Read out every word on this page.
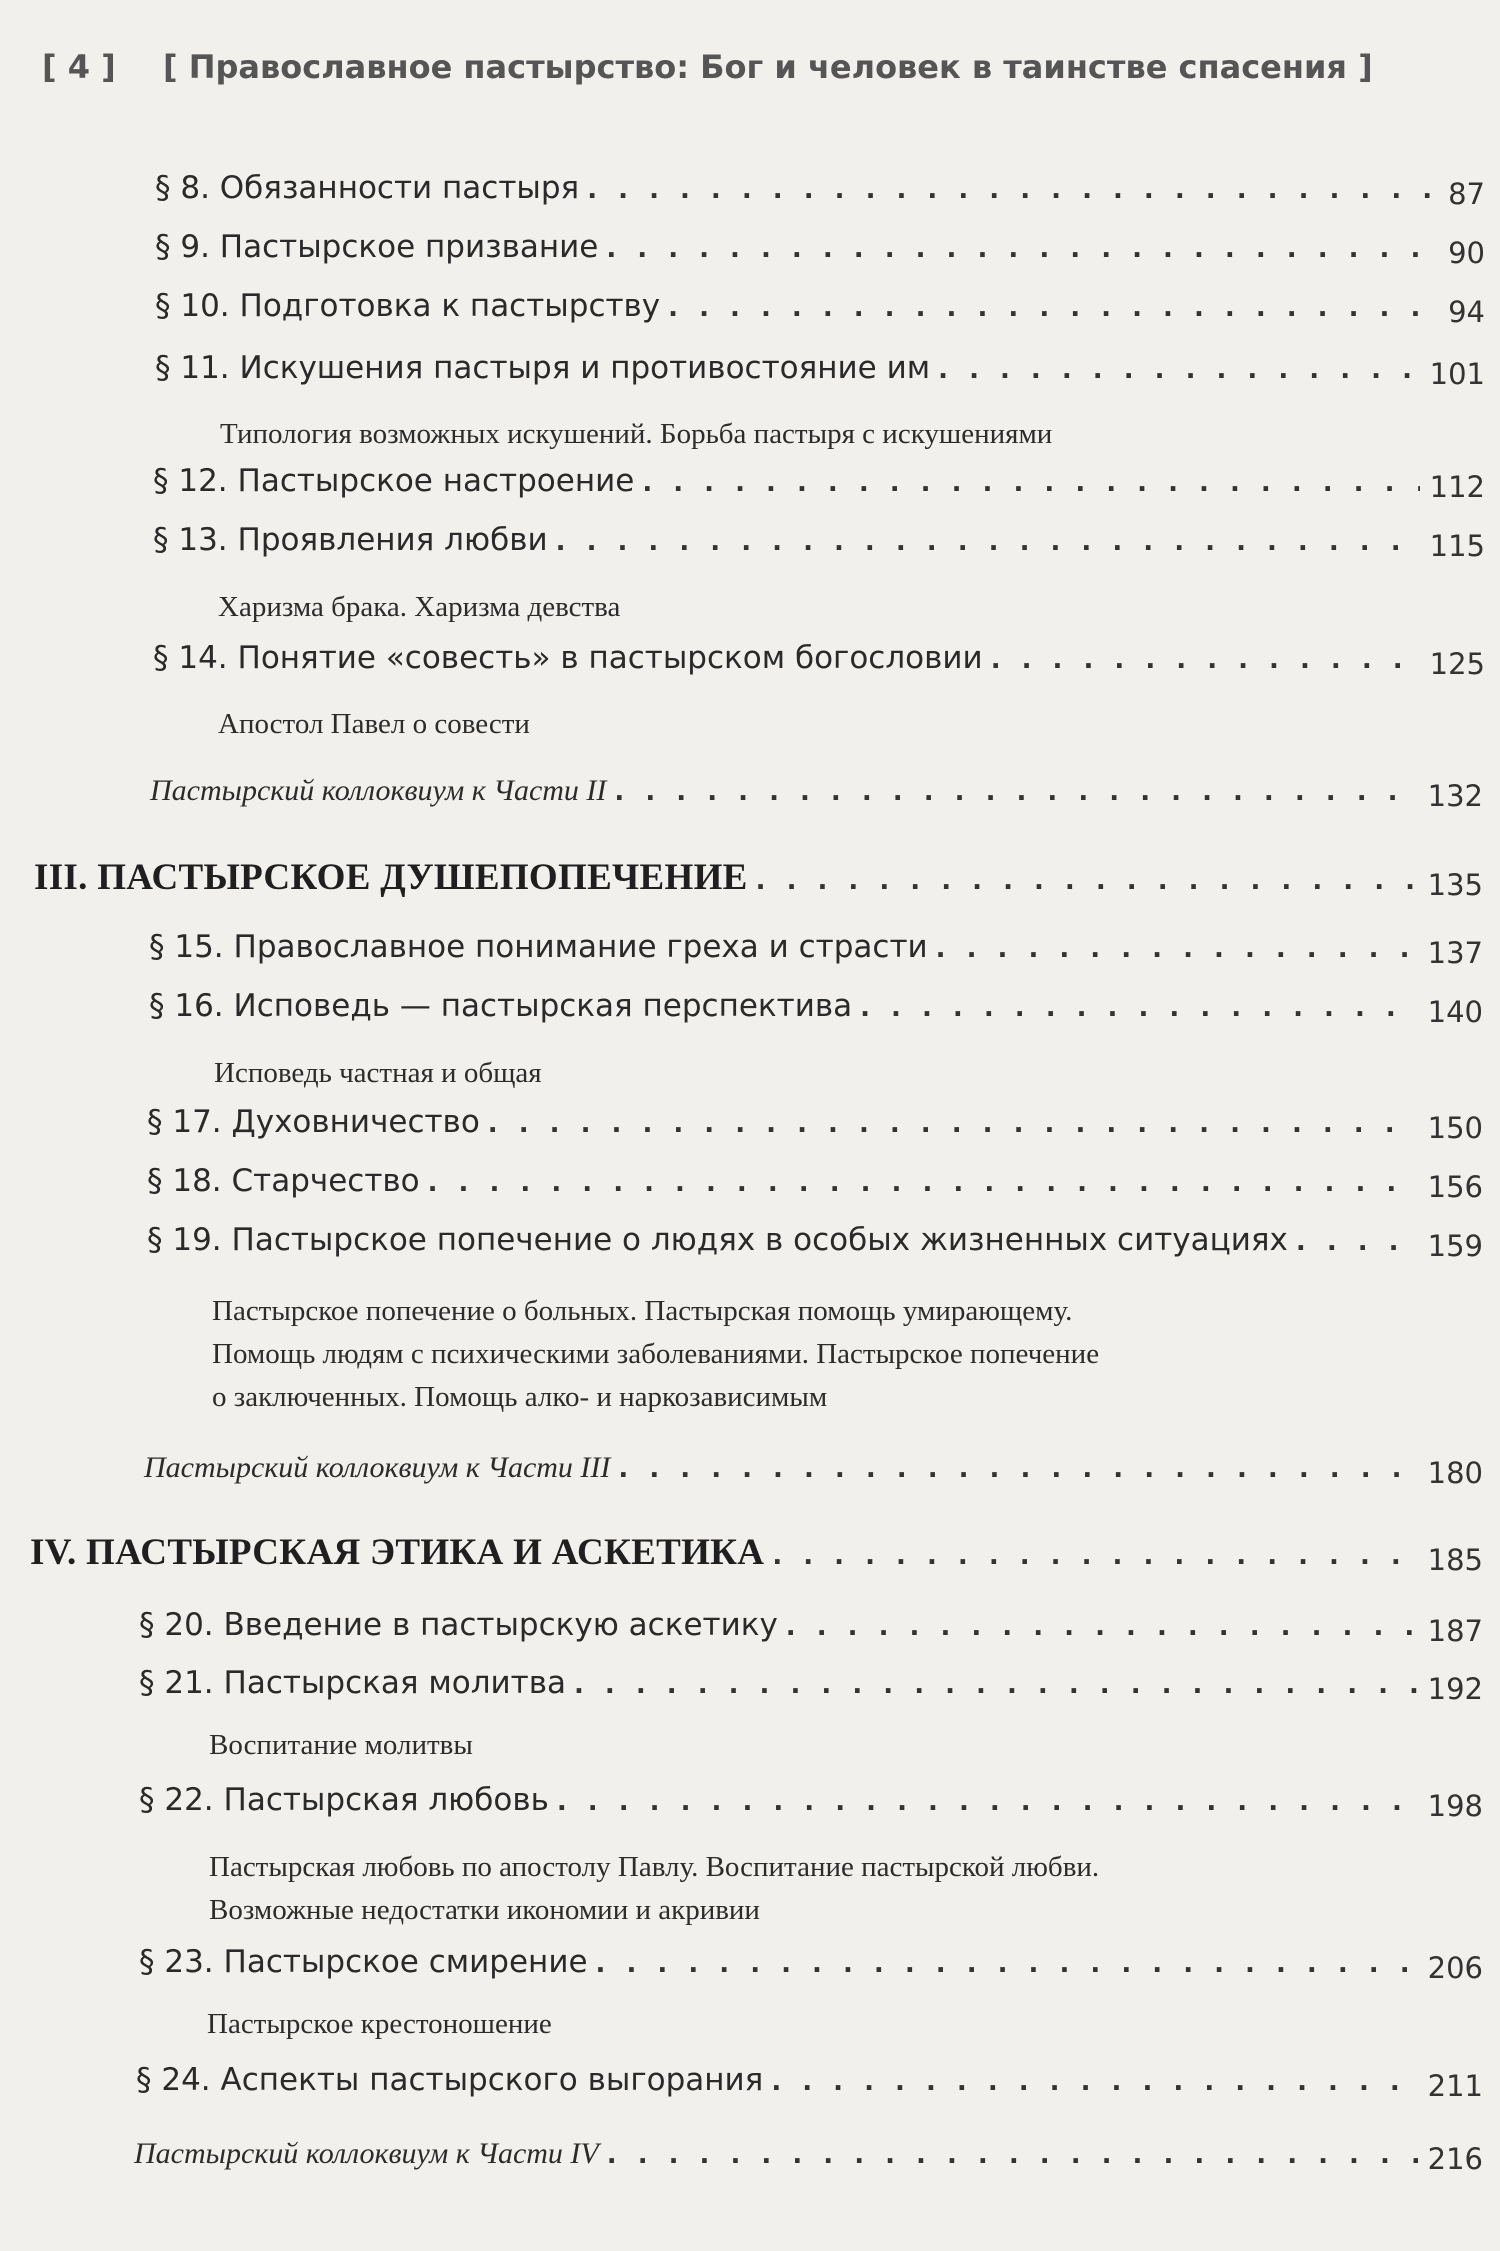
[ 4 ] [ Православное пастырство: Бог и человек в таинстве спасения ]
§ 8. Обязанности пастыря . . .	87
§ 9. Пастырское призвание . . .	90
§ 10. Подготовка к пастырству . . .	94
§ 11. Искушения пастыря и противостояние им . . .	101
Типология возможных искушений. Борьба пастыря с искушениями
§ 12. Пастырское настроение . . .	112
§ 13. Проявления любви . . .	115
Харизма брака. Харизма девства
§ 14. Понятие «совесть» в пастырском богословии . . .	125
Апостол Павел о совести
Пастырский коллоквиум к Части II . . .	132
III. ПАСТЫРСКОЕ ДУШЕПОПЕЧЕНИЕ . . .	135
§ 15. Православное понимание греха и страсти . . .	137
§ 16. Исповедь — пастырская перспектива . . .	140
Исповедь частная и общая
§ 17. Духовничество . . .	150
§ 18. Старчество . . .	156
§ 19. Пастырское попечение о людях в особых жизненных ситуациях . . .	159
Пастырское попечение о больных. Пастырская помощь умирающему.
Помощь людям с психическими заболеваниями. Пастырское попечение
о заключенных. Помощь алко- и наркозависимым
Пастырский коллоквиум к Части III . . .	180
IV. ПАСТЫРСКАЯ ЭТИКА И АСКЕТИКА . . .	185
§ 20. Введение в пастырскую аскетику . . .	187
§ 21. Пастырская молитва . . .	192
Воспитание молитвы
§ 22. Пастырская любовь . . .	198
Пастырская любовь по апостолу Павлу. Воспитание пастырской любви.
Возможные недостатки икономии и акривии
§ 23. Пастырское смирение . . .	206
Пастырское крестоношение
§ 24. Аспекты пастырского выгорания . . .	211
Пастырский коллоквиум к Части IV . . .	216
